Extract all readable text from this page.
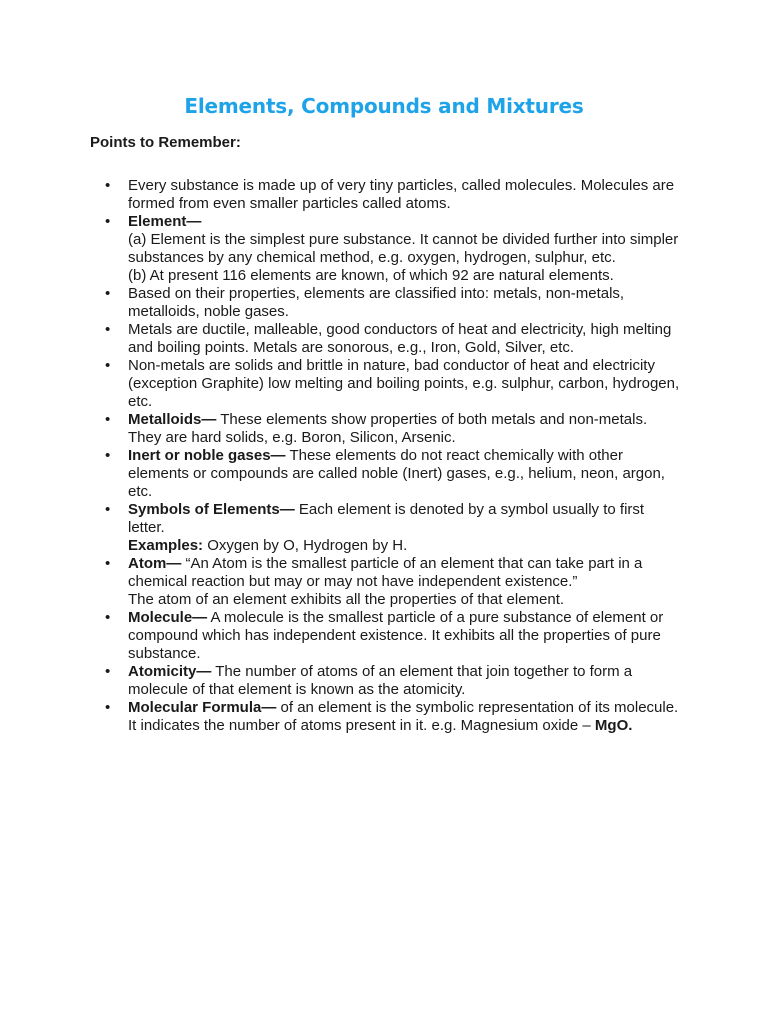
Elements, Compounds and Mixtures
Points to Remember:
• Every substance is made up of very tiny particles, called molecules. Molecules are formed from even smaller particles called atoms.
• Element—
(a) Element is the simplest pure substance. It cannot be divided further into simpler substances by any chemical method, e.g. oxygen, hydrogen, sulphur, etc.
(b) At present 116 elements are known, of which 92 are natural elements.
• Based on their properties, elements are classified into: metals, non-metals, metalloids, noble gases.
• Metals are ductile, malleable, good conductors of heat and electricity, high melting and boiling points. Metals are sonorous, e.g., Iron, Gold, Silver, etc.
• Non-metals are solids and brittle in nature, bad conductor of heat and electricity (exception Graphite) low melting and boiling points, e.g. sulphur, carbon, hydrogen, etc.
• Metalloids— These elements show properties of both metals and non-metals. They are hard solids, e.g. Boron, Silicon, Arsenic.
• Inert or noble gases— These elements do not react chemically with other elements or compounds are called noble (Inert) gases, e.g., helium, neon, argon, etc.
• Symbols of Elements— Each element is denoted by a symbol usually to first letter.
Examples: Oxygen by O, Hydrogen by H.
• Atom— “An Atom is the smallest particle of an element that can take part in a chemical reaction but may or may not have independent existence.”
The atom of an element exhibits all the properties of that element.
• Molecule— A molecule is the smallest particle of a pure substance of element or compound which has independent existence. It exhibits all the properties of pure substance.
• Atomicity— The number of atoms of an element that join together to form a molecule of that element is known as the atomicity.
• Molecular Formula— of an element is the symbolic representation of its molecule. It indicates the number of atoms present in it. e.g. Magnesium oxide – MgO.
